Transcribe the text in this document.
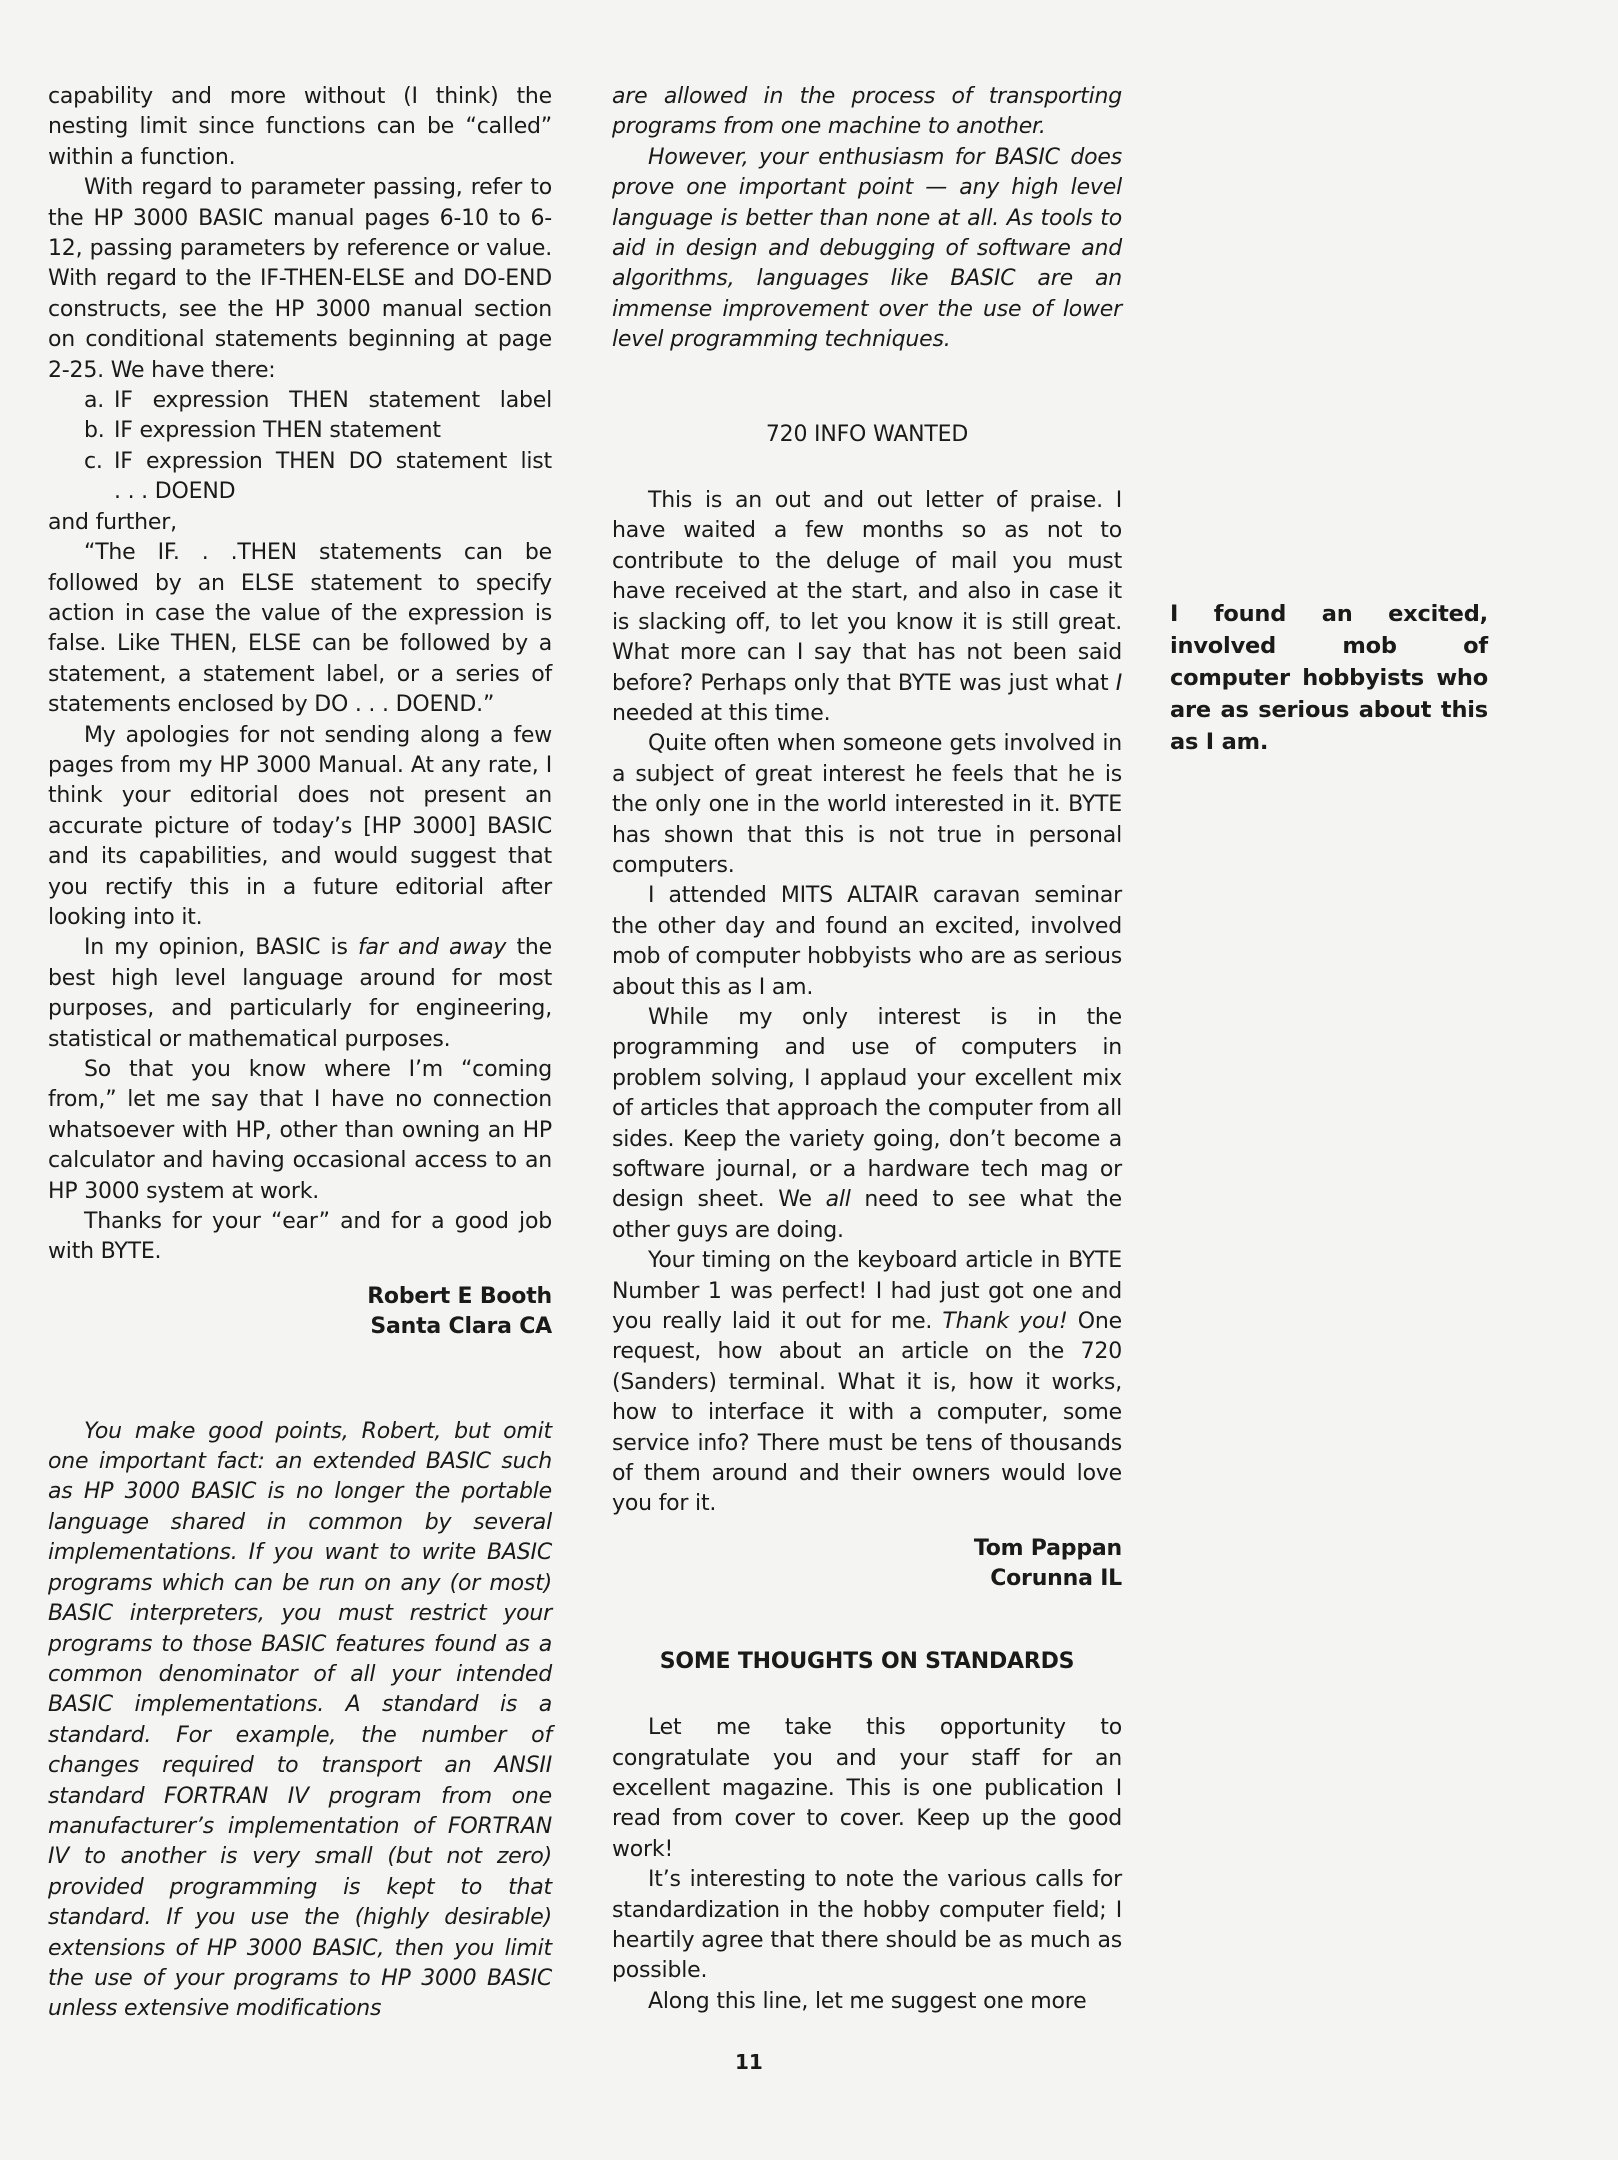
capability and more without (I think) the nesting limit since functions can be “called” within a function.

With regard to parameter passing, refer to the HP 3000 BASIC manual pages 6-10 to 6-12, passing parameters by reference or value. With regard to the IF-THEN-ELSE and DO-END constructs, see the HP 3000 manual section on conditional statements beginning at page 2-25. We have there:

a. IF expression THEN statement label
b. IF expression THEN statement
c. IF expression THEN DO statement list

. . . DOEND

and further,

“The IF. . .THEN statements can be followed by an ELSE statement to specify action in case the value of the expression is false. Like THEN, ELSE can be followed by a statement, a statement label, or a series of statements enclosed by DO . . . DOEND.”

My apologies for not sending along a few pages from my HP 3000 Manual. At any rate, I think your editorial does not present an accurate picture of today’s [HP 3000] BASIC and its capabilities, and would suggest that you rectify this in a future editorial after looking into it.

In my opinion, BASIC is far and away the best high level language around for most purposes, and particularly for engineering, statistical or mathematical purposes.

So that you know where I’m “coming from,” let me say that I have no connection whatsoever with HP, other than owning an HP calculator and having occasional access to an HP 3000 system at work.

Thanks for your “ear” and for a good job with BYTE.

Robert E Booth

Santa Clara CA

You make good points, Robert, but omit one important fact: an extended BASIC such as HP 3000 BASIC is no longer the portable language shared in common by several implementations. If you want to write BASIC programs which can be run on any (or most) BASIC interpreters, you must restrict your programs to those BASIC features found as a common denominator of all your intended BASIC implementations. A standard is a standard. For example, the number of changes required to transport an ANSII standard FORTRAN IV program from one manufacturer’s implementation of FORTRAN IV to another is very small (but not zero) provided programming is kept to that standard. If you use the (highly desirable) extensions of HP 3000 BASIC, then you limit the use of your programs to HP 3000 BASIC unless extensive modifications

are allowed in the process of transporting programs from one machine to another.

However, your enthusiasm for BASIC does prove one important point — any high level language is better than none at all. As tools to aid in design and debugging of software and algorithms, languages like BASIC are an immense improvement over the use of lower level programming techniques.

720 INFO WANTED

This is an out and out letter of praise. I have waited a few months so as not to contribute to the deluge of mail you must have received at the start, and also in case it is slacking off, to let you know it is still great. What more can I say that has not been said before? Perhaps only that BYTE was just what I needed at this time.

Quite often when someone gets involved in a subject of great interest he feels that he is the only one in the world interested in it. BYTE has shown that this is not true in personal computers.

I attended MITS ALTAIR caravan seminar the other day and found an excited, involved mob of computer hobbyists who are as serious about this as I am.

While my only interest is in the programming and use of computers in problem solving, I applaud your excellent mix of articles that approach the computer from all sides. Keep the variety going, don’t become a software journal, or a hardware tech mag or design sheet. We all need to see what the other guys are doing.

Your timing on the keyboard article in BYTE Number 1 was perfect! I had just got one and you really laid it out for me. Thank you! One request, how about an article on the 720 (Sanders) terminal. What it is, how it works, how to interface it with a computer, some service info? There must be tens of thousands of them around and their owners would love you for it.

Tom Pappan

Corunna IL

SOME THOUGHTS ON STANDARDS

Let me take this opportunity to congratulate you and your staff for an excellent magazine. This is one publication I read from cover to cover. Keep up the good work!

It’s interesting to note the various calls for standardization in the hobby computer field; I heartily agree that there should be as much as possible.

Along this line, let me suggest one more

I found an excited, involved mob of computer hobbyists who are as serious about this as I am.

11
